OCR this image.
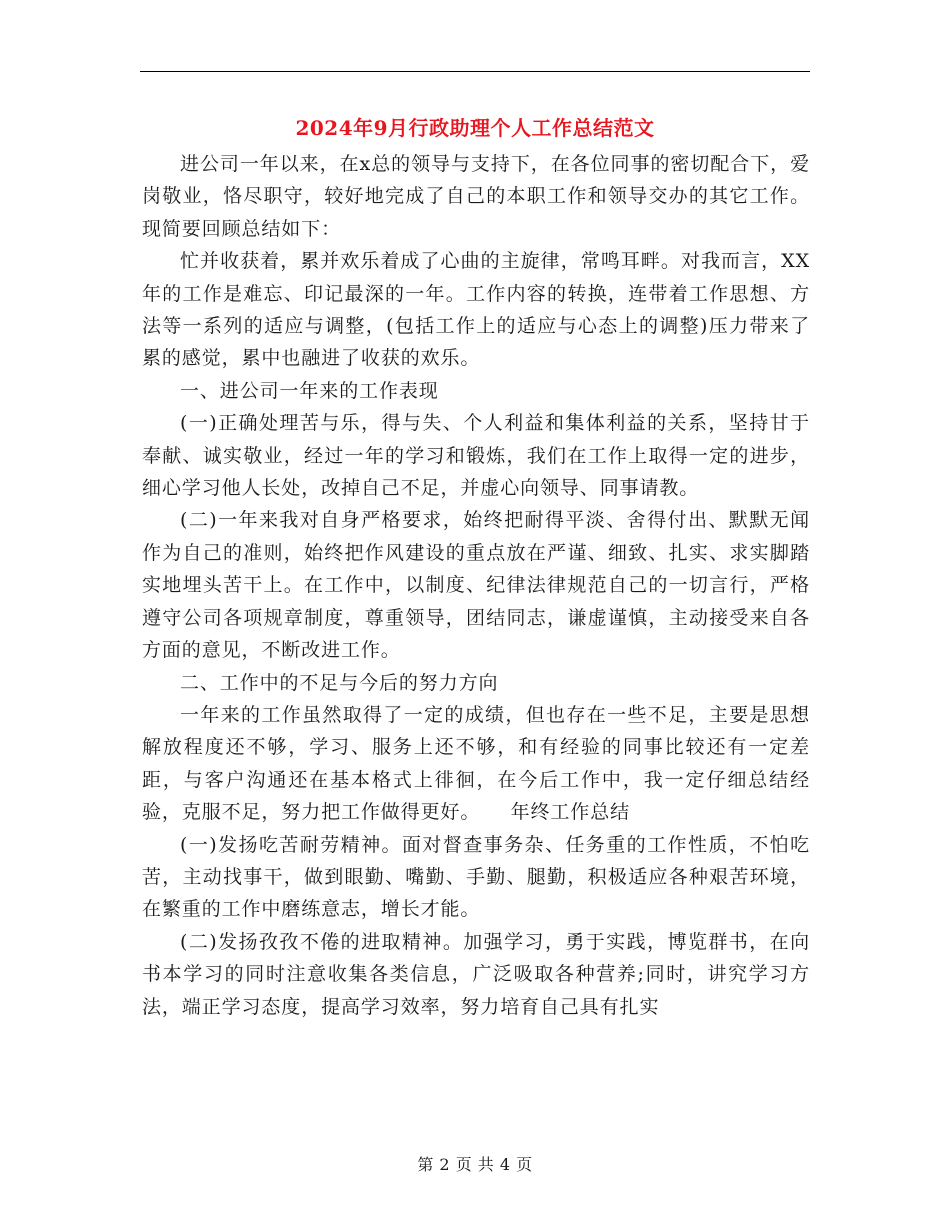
2024年9月行政助理个人工作总结范文

进公司一年以来，在x总的领导与支持下，在各位同事的密切配合下，爱岗敬业，恪尽职守，较好地完成了自己的本职工作和领导交办的其它工作。现简要回顾总结如下：

忙并收获着，累并欢乐着成了心曲的主旋律，常鸣耳畔。对我而言，XX年的工作是难忘、印记最深的一年。工作内容的转换，连带着工作思想、方法等一系列的适应与调整，(包括工作上的适应与心态上的调整)压力带来了累的感觉，累中也融进了收获的欢乐。

一、进公司一年来的工作表现

(一)正确处理苦与乐，得与失、个人利益和集体利益的关系，坚持甘于奉献、诚实敬业，经过一年的学习和锻炼，我们在工作上取得一定的进步，细心学习他人长处，改掉自己不足，并虚心向领导、同事请教。

(二)一年来我对自身严格要求，始终把耐得平淡、舍得付出、默默无闻作为自己的准则，始终把作风建设的重点放在严谨、细致、扎实、求实脚踏实地埋头苦干上。在工作中，以制度、纪律法律规范自己的一切言行，严格遵守公司各项规章制度，尊重领导，团结同志，谦虚谨慎，主动接受来自各 方面的意见，不断改进工作。

二、工作中的不足与今后的努力方向

一年来的工作虽然取得了一定的成绩，但也存在一些不足，主要是思想解放程度还不够，学习、服务上还不够，和有经验的同事比较还有一定差距，与客户沟通还在基本格式上徘徊，在今后工作中，我一定仔细总结经验，克服不足，努力把工作做得更好。　　年终工作总结

(一)发扬吃苦耐劳精神。面对督查事务杂、任务重的工作性质，不怕吃苦，主动找事干，做到眼勤、嘴勤、手勤、腿勤，积极适应各种艰苦环境，在繁重的工作中磨练意志，增长才能。

(二)发扬孜孜不倦的进取精神。加强学习，勇于实践，博览群书，在向书本学习的同时注意收集各类信息，广泛吸取各种营养;同时，讲究学习方法，端正学习态度，提高学习效率，努力培育自己具有扎实

第 2 页 共 4 页
